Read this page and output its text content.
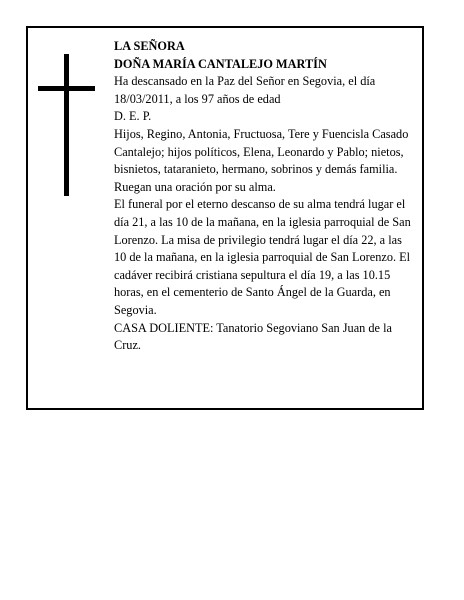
LA SEÑORA

DOÑA MARÍA CANTALEJO MARTÍN

Ha descansado en la Paz del Señor en Segovia, el día 18/03/2011, a los 97 años de edad

D. E. P.

Hijos, Regino, Antonia, Fructuosa, Tere y Fuencisla Casado Cantalejo; hijos políticos, Elena, Leonardo y Pablo; nietos, bisnietos, tataranieto, hermano, sobrinos y demás familia.

Ruegan una oración por su alma.

El funeral por el eterno descanso de su alma tendrá lugar el día 21, a las 10 de la mañana, en la iglesia parroquial de San Lorenzo. La misa de privilegio tendrá lugar el día 22, a las 10 de la mañana, en la iglesia parroquial de San Lorenzo. El cadáver recibirá cristiana sepultura el día 19, a las 10.15 horas, en el cementerio de Santo Ángel de la Guarda, en Segovia.

CASA DOLIENTE: Tanatorio Segoviano San Juan de la Cruz.
